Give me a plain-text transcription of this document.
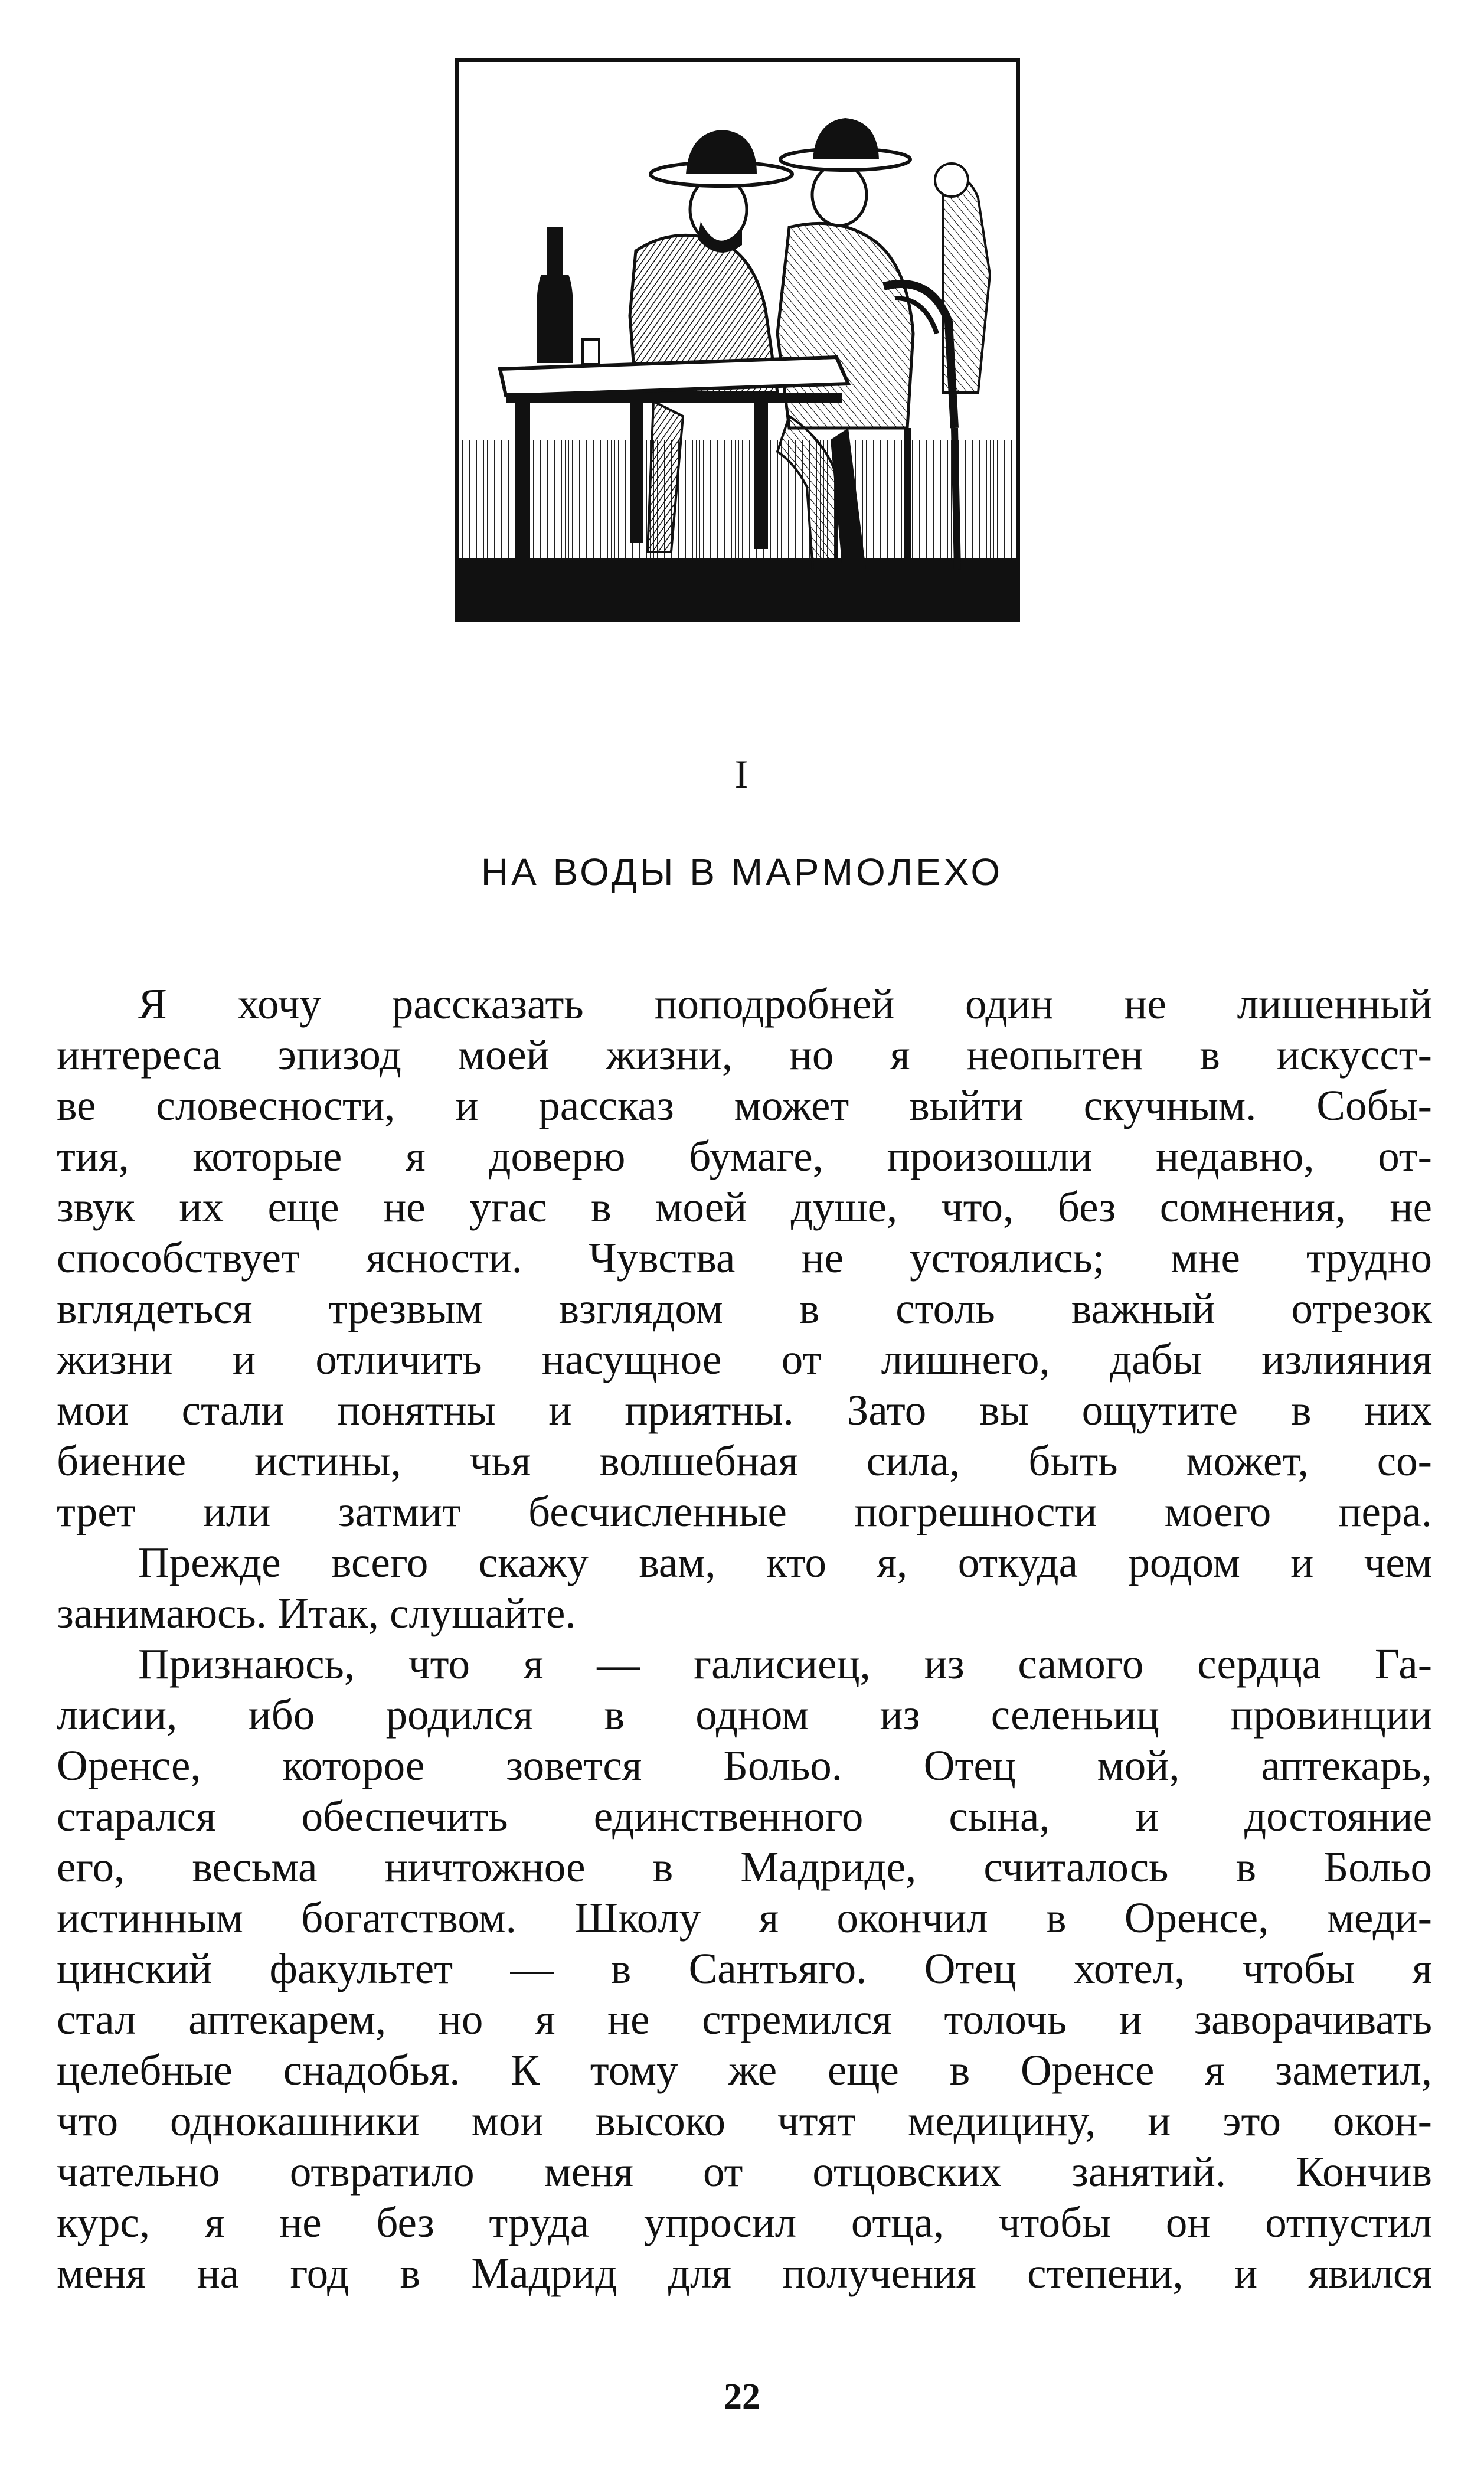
I
НА ВОДЫ В МАРМОЛЕХО
Я хочу рассказать поподробней один не лишенный
интереса эпизод моей жизни, но я неопытен в искусст-
ве словесности, и рассказ может выйти скучным. Собы-
тия, которые я доверю бумаге, произошли недавно, от-
звук их еще не угас в моей душе, что, без сомнения, не
способствует ясности. Чувства не устоялись; мне трудно
вглядеться трезвым взглядом в столь важный отрезок
жизни и отличить насущное от лишнего, дабы излияния
мои стали понятны и приятны. Зато вы ощутите в них
биение истины, чья волшебная сила, быть может, со-
трет или затмит бесчисленные погрешности моего пера.
Прежде всего скажу вам, кто я, откуда родом и чем
занимаюсь. Итак, слушайте.
Признаюсь, что я — галисиец, из самого сердца Га-
лисии, ибо родился в одном из селеньиц провинции
Оренсе, которое зовется Больо. Отец мой, аптекарь,
старался обеспечить единственного сына, и достояние
его, весьма ничтожное в Мадриде, считалось в Больо
истинным богатством. Школу я окончил в Оренсе, меди-
цинский факультет — в Сантьяго. Отец хотел, чтобы я
стал аптекарем, но я не стремился толочь и заворачивать
целебные снадобья. К тому же еще в Оренсе я заметил,
что однокашники мои высоко чтят медицину, и это окон-
чательно отвратило меня от отцовских занятий. Кончив
курс, я не без труда упросил отца, чтобы он отпустил
меня на год в Мадрид для получения степени, и явился
22
